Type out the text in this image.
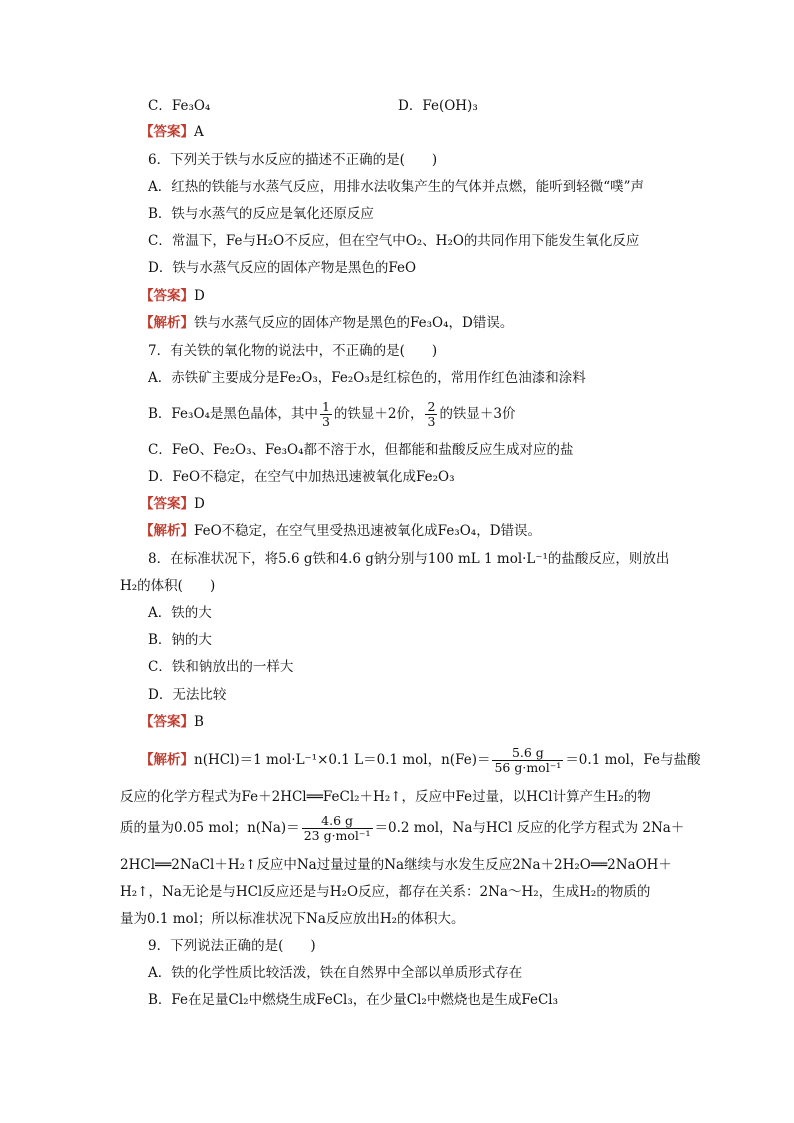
C．Fe₃O₄	D．Fe(OH)₃
【答案】A
6．下列关于铁与水反应的描述不正确的是(　　)
A．红热的铁能与水蒸气反应，用排水法收集产生的气体并点燃，能听到轻微“噗”声
B．铁与水蒸气的反应是氧化还原反应
C．常温下，Fe与H₂O不反应，但在空气中O₂、H₂O的共同作用下能发生氧化反应
D．铁与水蒸气反应的固体产物是黑色的FeO
【答案】D
【解析】铁与水蒸气反应的固体产物是黑色的Fe₃O₄，D错误。
7．有关铁的氧化物的说法中，不正确的是(　　)
A．赤铁矿主要成分是Fe₂O₃，Fe₂O₃是红棕色的，常用作红色油漆和涂料
B．Fe₃O₄是黑色晶体，其中 $\frac{1}{3}$ 的铁显＋2价， $\frac{2}{3}$ 的铁显＋3价
C．FeO、Fe₂O₃、Fe₃O₄都不溶于水，但都能和盐酸反应生成对应的盐
D．FeO不稳定，在空气中加热迅速被氧化成Fe₂O₃
【答案】D
【解析】FeO不稳定，在空气里受热迅速被氧化成Fe₃O₄，D错误。
8．在标准状况下，将5.6 g铁和4.6 g钠分别与100 mL 1 mol·L⁻¹的盐酸反应，则放出
H₂的体积(　　)
A．铁的大
B．钠的大
C．铁和钠放出的一样大
D．无法比较
【答案】B
【解析】n(HCl)＝1 mol·L⁻¹×0.1 L＝0.1 mol，$n(Fe)= \frac{5.6 g}{\text{56 g·mol⁻¹}} =0.1$ mol，Fe与盐酸
反应的化学方程式为Fe＋2HCl══FeCl₂＋H₂↑，反应中Fe过量，以HCl计算产生H₂的物
质的量为0.05 mol；$n(Na)= \frac{4.6 g}{\text{23 g·mol⁻¹}} =0.2$ mol，Na与HCl 反应的化学方程式为 2Na＋
2HCl══2NaCl＋H₂↑反应中Na过量过量的Na继续与水发生反应2Na＋2H₂O══2NaOH＋
H₂↑，Na无论是与HCl反应还是与H₂O反应，都存在关系：2Na～H₂，生成H₂的物质的
量为0.1 mol；所以标准状况下Na反应放出H₂的体积大。
9．下列说法正确的是(　　)
A．铁的化学性质比较活泼，铁在自然界中全部以单质形式存在
B．Fe在足量Cl₂中燃烧生成FeCl₃，在少量Cl₂中燃烧也是生成FeCl₃
